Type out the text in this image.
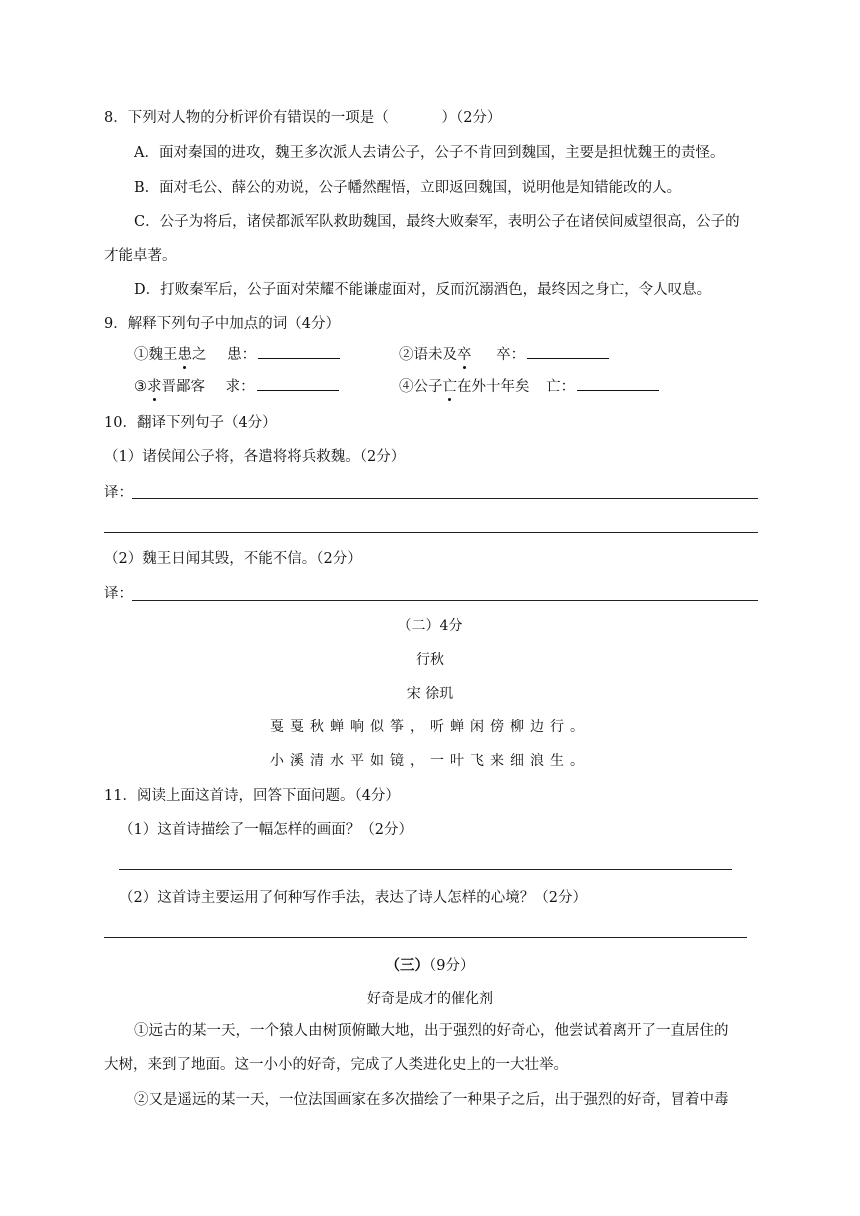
8．下列对人物的分析评价有错误的一项是（ 　　　 ）（2分）
A．面对秦国的进攻，魏王多次派人去请公子，公子不肯回到魏国，主要是担忧魏王的责怪。
B．面对毛公、薛公的劝说，公子幡然醒悟，立即返回魏国，说明他是知错能改的人。
C．公子为将后，诸侯都派军队救助魏国，最终大败秦军，表明公子在诸侯间威望很高，公子的
才能卓著。
D．打败秦军后，公子面对荣耀不能谦虚面对，反而沉溺酒色，最终因之身亡，令人叹息。
9．解释下列句子中加点的词（4分）
①魏王患之 患：	②语未及卒 卒：
③求晋鄙客 求：	④公子亡在外十年矣 亡：
10．翻译下列句子（4分）
（1）诸侯闻公子将，各遣将将兵救魏。（2分）
译：
（2）魏王日闻其毁，不能不信。（2分）
译：
（二）4分
行秋
宋 徐玑
戛戛秋蝉响似筝，听蝉闲傍柳边行。
小溪清水平如镜，一叶飞来细浪生。
11．阅读上面这首诗，回答下面问题。（4分）
（1）这首诗描绘了一幅怎样的画面？（2分）
（2）这首诗主要运用了何种写作手法，表达了诗人怎样的心境？（2分）
（三）（9分）
好奇是成才的催化剂
①远古的某一天，一个猿人由树顶俯瞰大地，出于强烈的好奇心，他尝试着离开了一直居住的
大树，来到了地面。这一小小的好奇，完成了人类进化史上的一大壮举。
②又是遥远的某一天，一位法国画家在多次描绘了一种果子之后，出于强烈的好奇，冒着中毒
